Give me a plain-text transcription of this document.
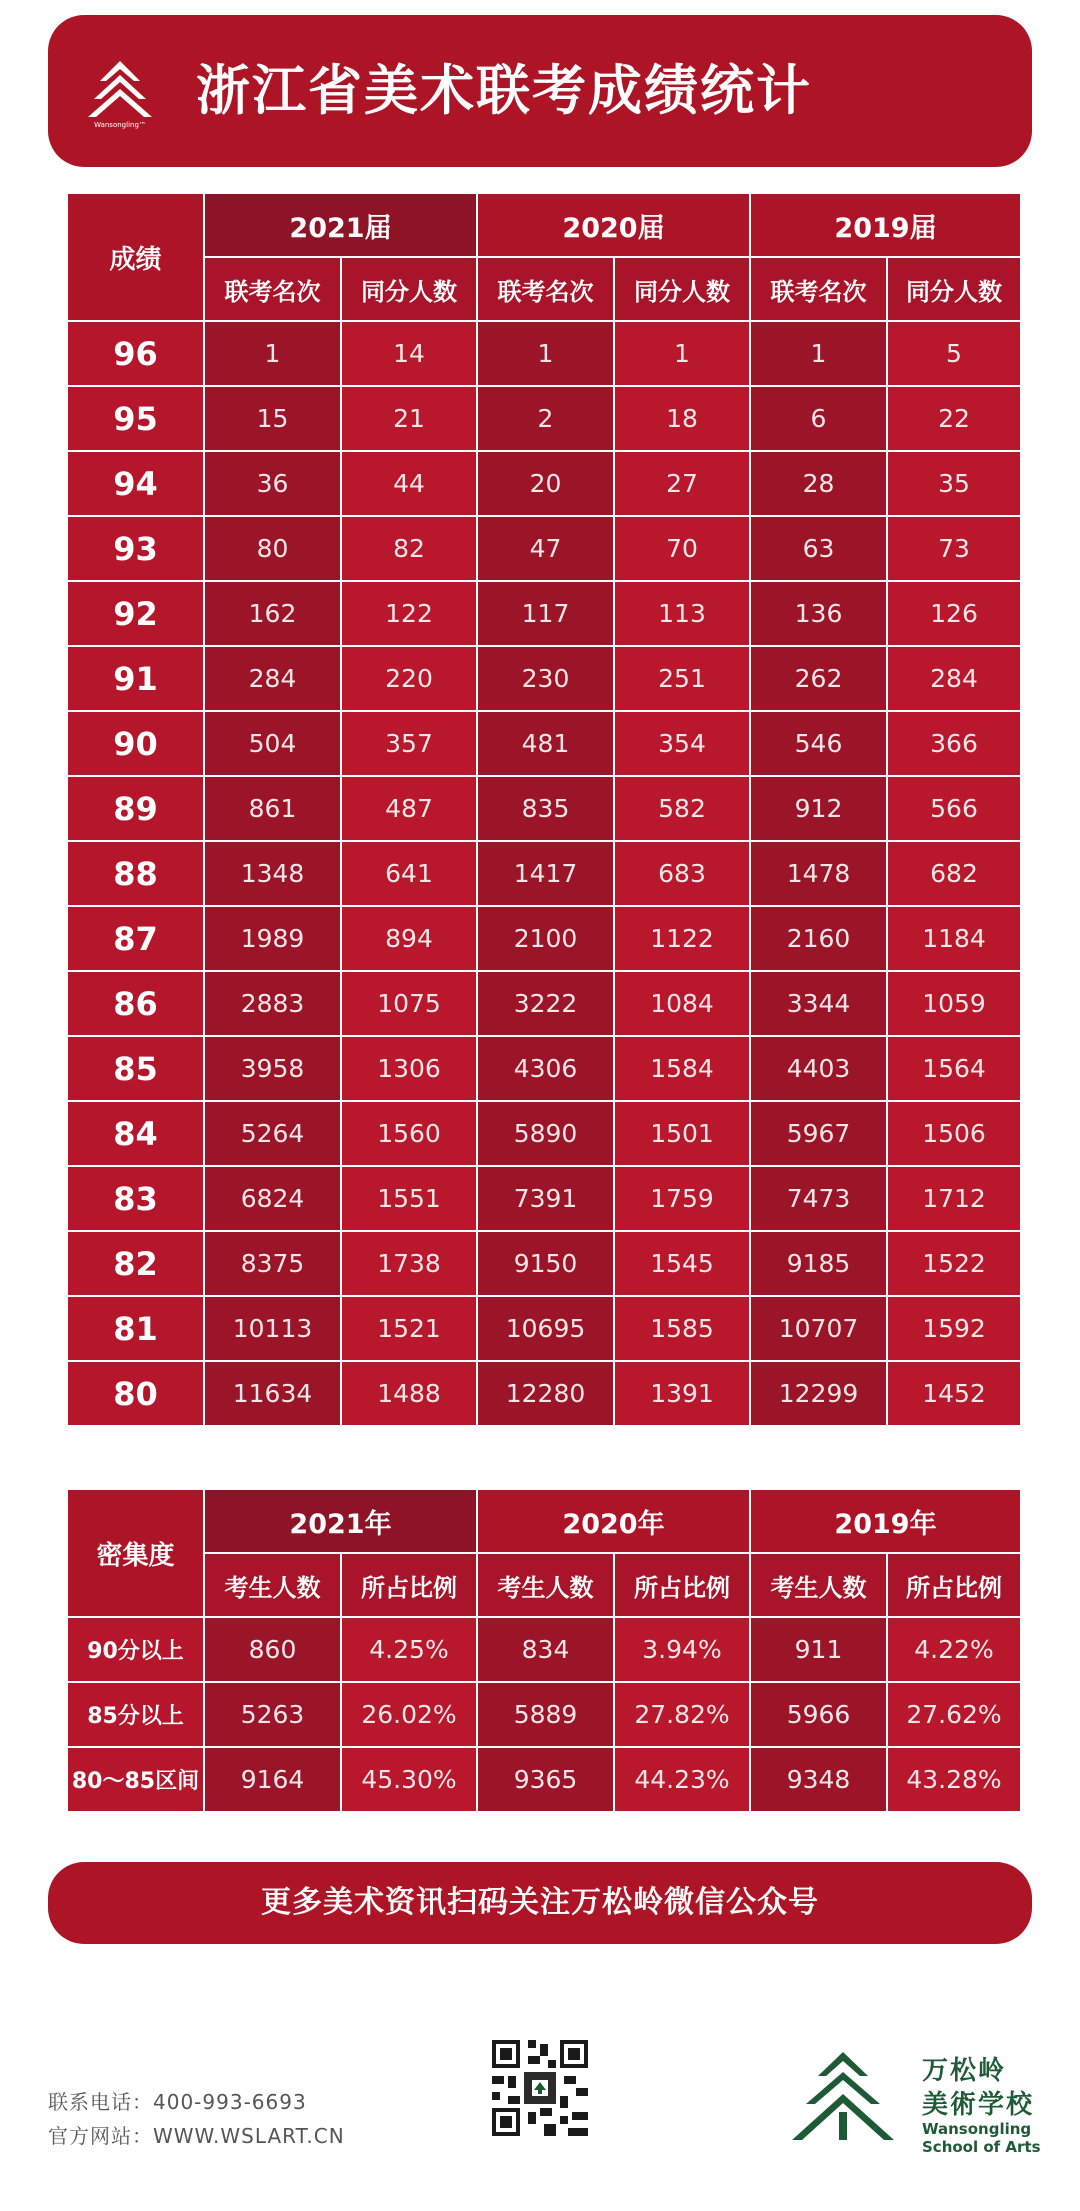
Wansongling™
浙江省美术联考成绩统计
成绩	2021届		2020届		2019届	
	联考名次	同分人数	联考名次	同分人数	联考名次	同分人数
96	1	14	1	1	1	5
95	15	21	2	18	6	22
94	36	44	20	27	28	35
93	80	82	47	70	63	73
92	162	122	117	113	136	126
91	284	220	230	251	262	284
90	504	357	481	354	546	366
89	861	487	835	582	912	566
88	1348	641	1417	683	1478	682
87	1989	894	2100	1122	2160	1184
86	2883	1075	3222	1084	3344	1059
85	3958	1306	4306	1584	4403	1564
84	5264	1560	5890	1501	5967	1506
83	6824	1551	7391	1759	7473	1712
82	8375	1738	9150	1545	9185	1522
81	10113	1521	10695	1585	10707	1592
80	11634	1488	12280	1391	12299	1452
密集度	2021年		2020年		2019年	
	考生人数	所占比例	考生人数	所占比例	考生人数	所占比例
90分以上	860	4.25%	834	3.94%	911	4.22%
85分以上	5263	26.02%	5889	27.82%	5966	27.62%
80～85区间	9164	45.30%	9365	44.23%	9348	43.28%
更多美术资讯扫码关注万松岭微信公众号
联系电话：400-993-6693
官方网站：WWW.WSLART.CN
万松岭
美術学校
Wansongling
School of Arts
